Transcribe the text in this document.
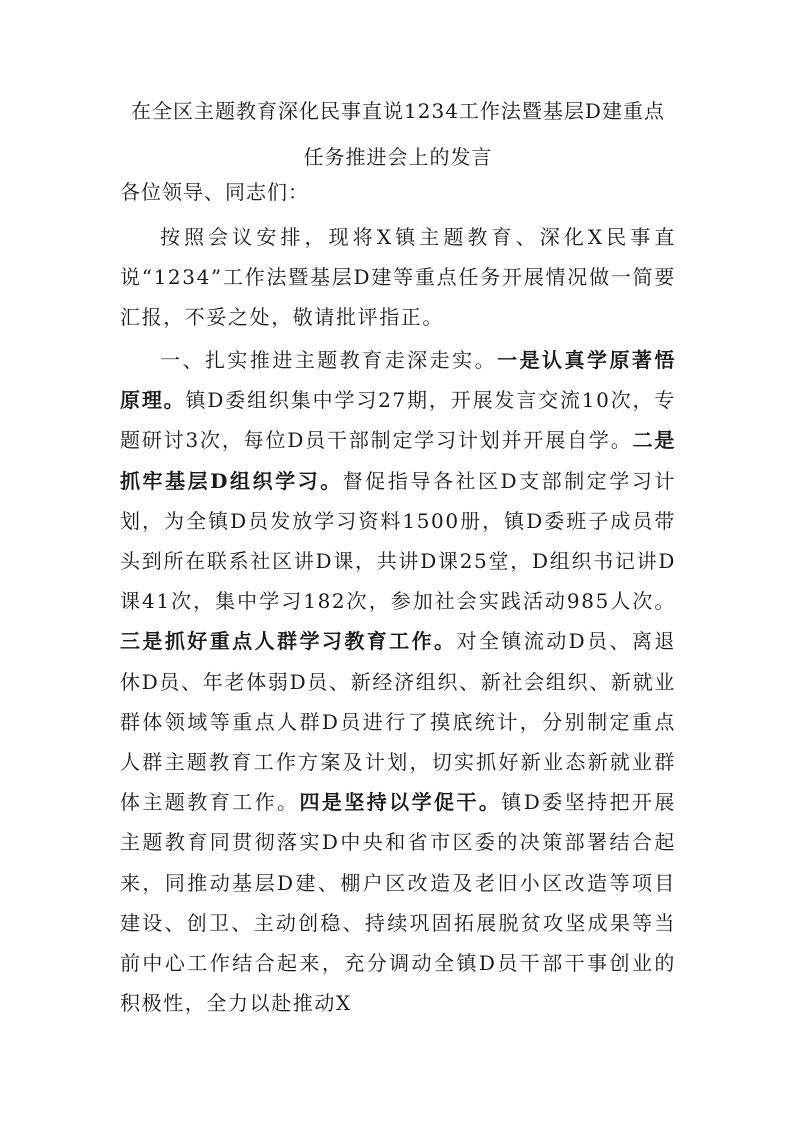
在全区主题教育深化民事直说1234工作法暨基层D建重点
任务推进会上的发言
各位领导、同志们：

按照会议安排，现将X镇主题教育、深化X民事直说“1234”工作法暨基层D建等重点任务开展情况做一简要汇报，不妥之处，敬请批评指正。

一、扎实推进主题教育走深走实。一是认真学原著悟原理。镇D委组织集中学习27期，开展发言交流10次，专题研讨3次，每位D员干部制定学习计划并开展自学。二是抓牢基层D组织学习。督促指导各社区D支部制定学习计划，为全镇D员发放学习资料1500册，镇D委班子成员带头到所在联系社区讲D课，共讲D课25堂，D组织书记讲D课41次，集中学习182次，参加社会实践活动985人次。三是抓好重点人群学习教育工作。对全镇流动D员、离退休D员、年老体弱D员、新经济组织、新社会组织、新就业群体领域等重点人群D员进行了摸底统计，分别制定重点人群主题教育工作方案及计划，切实抓好新业态新就业群体主题教育工作。四是坚持以学促干。镇D委坚持把开展主题教育同贯彻落实D中央和省市区委的决策部署结合起来，同推动基层D建、棚户区改造及老旧小区改造等项目建设、创卫、主动创稳、持续巩固拓展脱贫攻坚成果等当前中心工作结合起来，充分调动全镇D员干部干事创业的积极性，全力以赴推动X
